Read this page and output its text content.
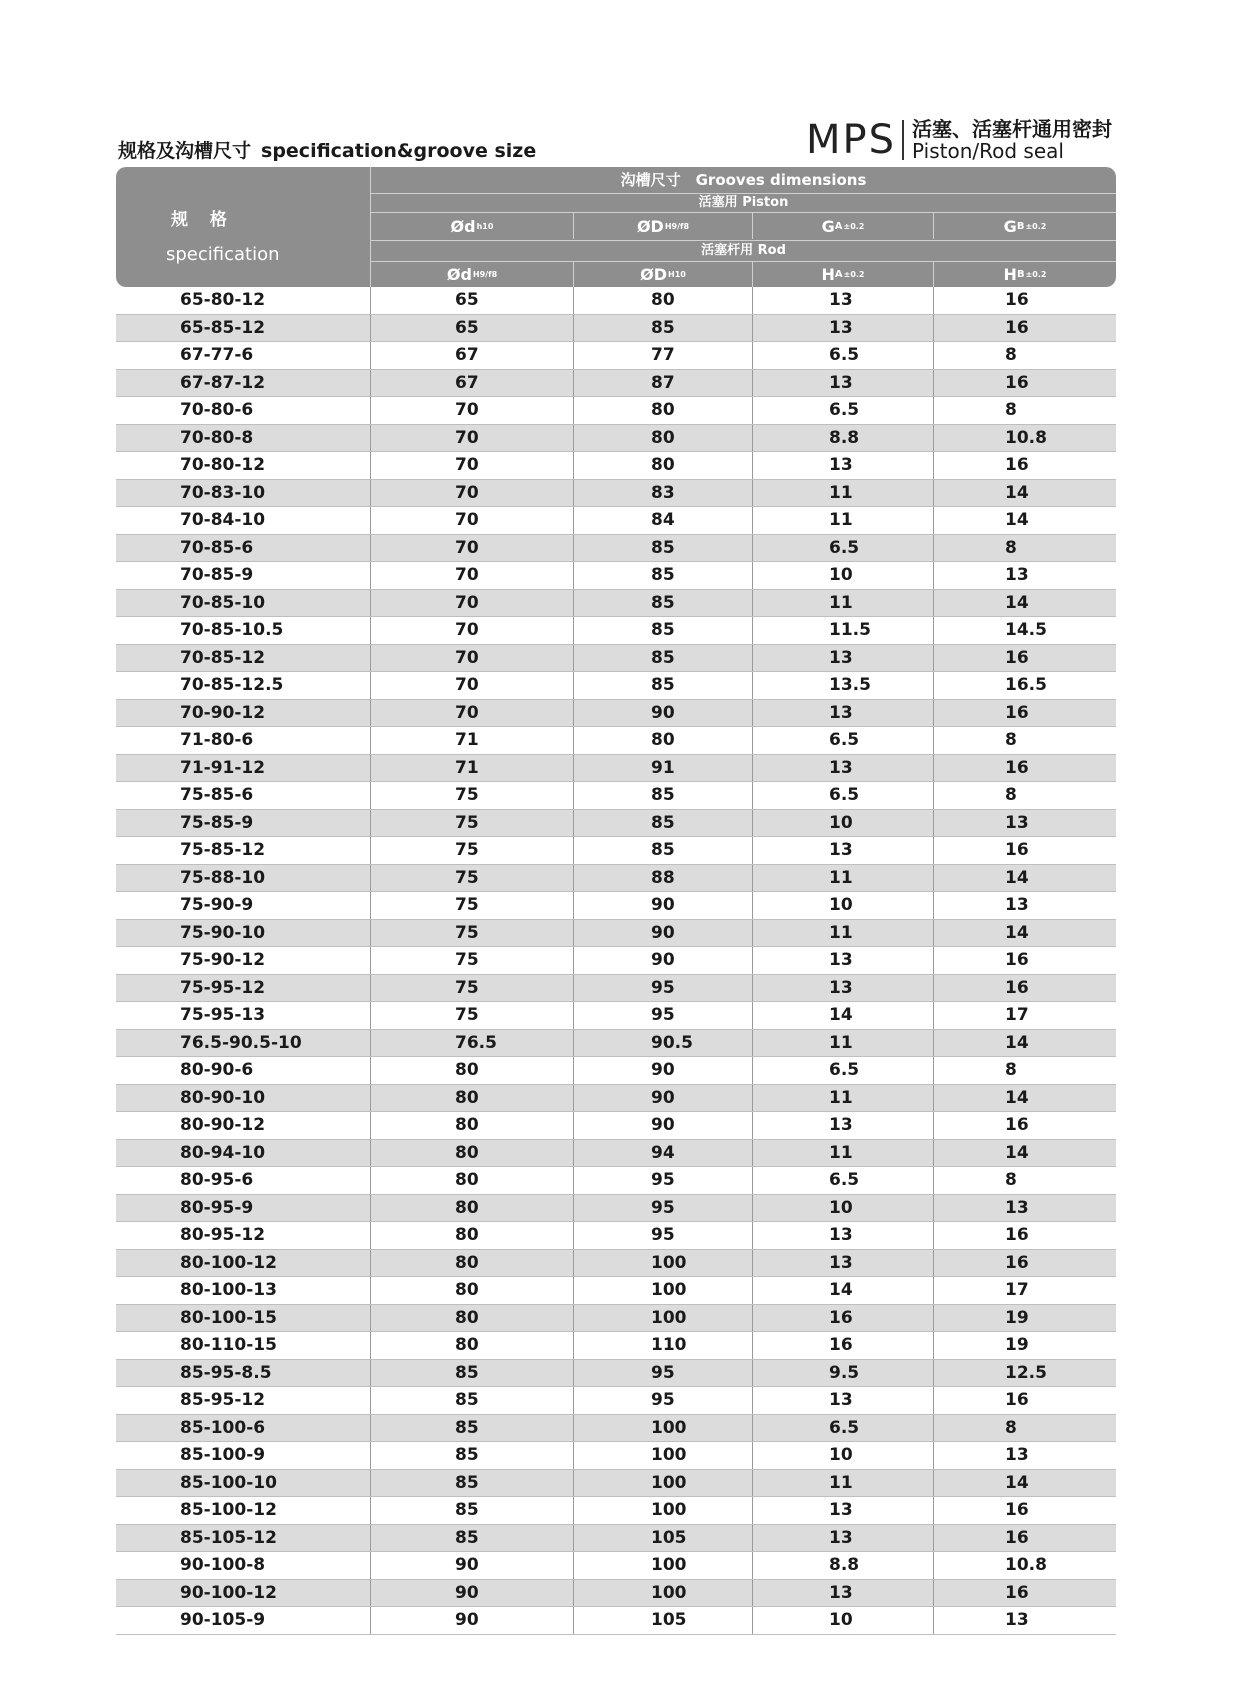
规格及沟槽尺寸 specification&groove size	MPS 活塞、活塞杆通用密封
Piston/Rod seal
规 格
specification
沟槽尺寸　Grooves dimensions
活塞用 Piston
Ød h10	ØD H9/f8	G A ±0.2	G B ±0.2
活塞杆用 Rod
Ød H9/f8	ØD H10	H A ±0.2	H B ±0.2
65-80-12	65	80	13	16
65-85-12	65	85	13	16
67-77-6	67	77	6.5	8
67-87-12	67	87	13	16
70-80-6	70	80	6.5	8
70-80-8	70	80	8.8	10.8
70-80-12	70	80	13	16
70-83-10	70	83	11	14
70-84-10	70	84	11	14
70-85-6	70	85	6.5	8
70-85-9	70	85	10	13
70-85-10	70	85	11	14
70-85-10.5	70	85	11.5	14.5
70-85-12	70	85	13	16
70-85-12.5	70	85	13.5	16.5
70-90-12	70	90	13	16
71-80-6	71	80	6.5	8
71-91-12	71	91	13	16
75-85-6	75	85	6.5	8
75-85-9	75	85	10	13
75-85-12	75	85	13	16
75-88-10	75	88	11	14
75-90-9	75	90	10	13
75-90-10	75	90	11	14
75-90-12	75	90	13	16
75-95-12	75	95	13	16
75-95-13	75	95	14	17
76.5-90.5-10	76.5	90.5	11	14
80-90-6	80	90	6.5	8
80-90-10	80	90	11	14
80-90-12	80	90	13	16
80-94-10	80	94	11	14
80-95-6	80	95	6.5	8
80-95-9	80	95	10	13
80-95-12	80	95	13	16
80-100-12	80	100	13	16
80-100-13	80	100	14	17
80-100-15	80	100	16	19
80-110-15	80	110	16	19
85-95-8.5	85	95	9.5	12.5
85-95-12	85	95	13	16
85-100-6	85	100	6.5	8
85-100-9	85	100	10	13
85-100-10	85	100	11	14
85-100-12	85	100	13	16
85-105-12	85	105	13	16
90-100-8	90	100	8.8	10.8
90-100-12	90	100	13	16
90-105-9	90	105	10	13
